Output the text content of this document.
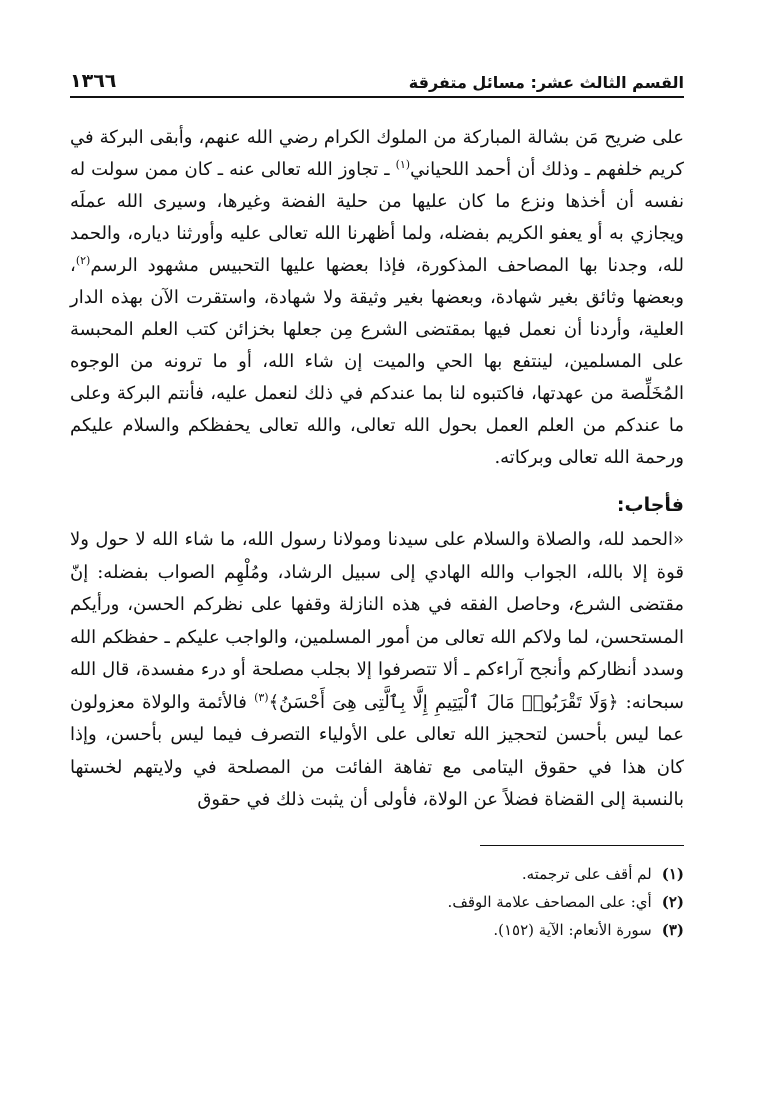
القسم الثالث عشر: مسائل متفرقة
١٣٦٦

على ضريح مَن بشالة المباركة من الملوك الكرام رضي الله عنهم، وأبقى البركة في كريم خلفهم ـ وذلك أن أحمد اللحياني$^{(١)}$ ـ تجاوز الله تعالى عنه ـ كان ممن سولت له نفسه أن أخذها ونزع ما كان عليها من حلية الفضة وغيرها، وسيرى الله عملَه ويجازي به أو يعفو الكريم بفضله، ولما أظهرنا الله تعالى عليه وأورثنا دياره، والحمد لله، وجدنا بها المصاحف المذكورة، فإذا بعضها عليها التحبيس مشهود الرسم$^{(٢)}$، وبعضها وثائق بغير شهادة، وبعضها بغير وثيقة ولا شهادة، واستقرت الآن بهذه الدار العلية، وأردنا أن نعمل فيها بمقتضى الشرع مِن جعلها بخزائن كتب العلم المحبسة على المسلمين، لينتفع بها الحي والميت إن شاء الله، أو ما ترونه من الوجوه المُخَلِّصة من عهدتها، فاكتبوه لنا بما عندكم في ذلك لنعمل عليه، فأنتم البركة وعلى ما عندكم من العلم العمل بحول الله تعالى، والله تعالى يحفظكم والسلام عليكم ورحمة الله تعالى وبركاته.

فأجاب:
«الحمد لله، والصلاة والسلام على سيدنا ومولانا رسول الله، ما شاء الله لا حول ولا قوة إلا بالله، الجواب والله الهادي إلى سبيل الرشاد، ومُلْهِم الصواب بفضله: إنّ مقتضى الشرع، وحاصل الفقه في هذه النازلة وقفها على نظركم الحسن، ورأيكم المستحسن، لما ولاكم الله تعالى من أمور المسلمين، والواجب عليكم ـ حفظكم الله وسدد أنظاركم وأنجح آراءكم ـ ألا تتصرفوا إلا بجلب مصلحة أو درء مفسدة، قال الله سبحانه: ﴿وَلَا تَقْرَبُوا۟ مَالَ ٱلْيَتِيمِ إِلَّا بِٱلَّتِى هِىَ أَحْسَنُ﴾$^{(٣)}$ فالأئمة والولاة معزولون عما ليس بأحسن لتحجيز الله تعالى على الأولياء التصرف فيما ليس بأحسن، وإذا كان هذا في حقوق اليتامى مع تفاهة الفائت من المصلحة في ولايتهم لخستها بالنسبة إلى القضاة فضلاً عن الولاة، فأولى أن يثبت ذلك في حقوق
(١)
لم أقف على ترجمته.
(٢)
أي: على المصاحف علامة الوقف.
(٣)
سورة الأنعام: الآية (١٥٢).
